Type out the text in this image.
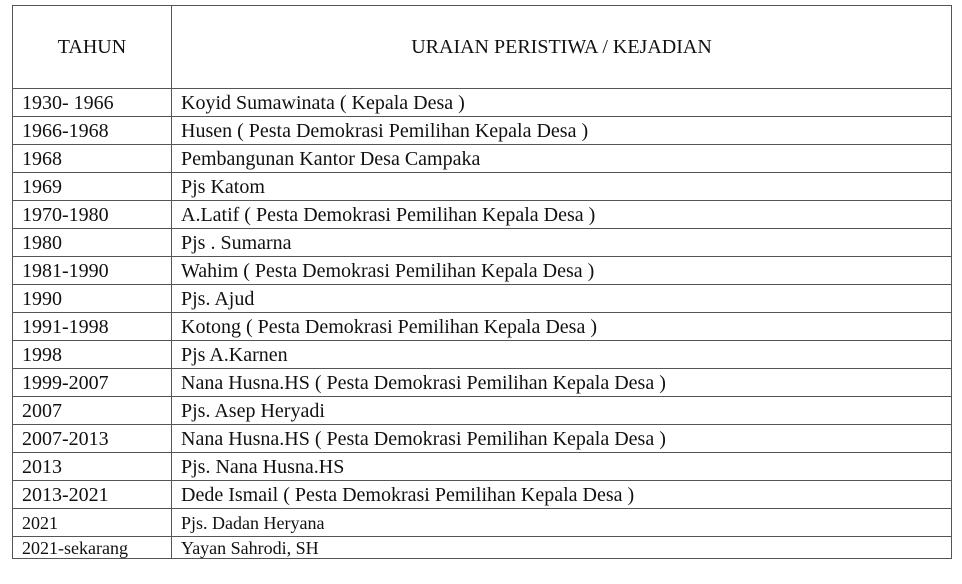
TAHUN	URAIAN PERISTIWA / KEJADIAN
1930- 1966	Koyid Sumawinata ( Kepala Desa )
1966-1968	Husen ( Pesta Demokrasi Pemilihan Kepala Desa )
1968	Pembangunan Kantor Desa Campaka
1969	Pjs Katom
1970-1980	A.Latif ( Pesta Demokrasi Pemilihan Kepala Desa )
1980	Pjs . Sumarna
1981-1990	Wahim ( Pesta Demokrasi Pemilihan Kepala Desa )
1990	Pjs. Ajud
1991-1998	Kotong ( Pesta Demokrasi Pemilihan Kepala Desa )
1998	Pjs A.Karnen
1999-2007	Nana Husna.HS ( Pesta Demokrasi Pemilihan Kepala Desa )
2007	Pjs. Asep Heryadi
2007-2013	Nana Husna.HS ( Pesta Demokrasi Pemilihan Kepala Desa )
2013	Pjs. Nana Husna.HS
2013-2021	Dede Ismail ( Pesta Demokrasi Pemilihan Kepala Desa )
2021	Pjs. Dadan Heryana
2021-sekarang	Yayan Sahrodi, SH
